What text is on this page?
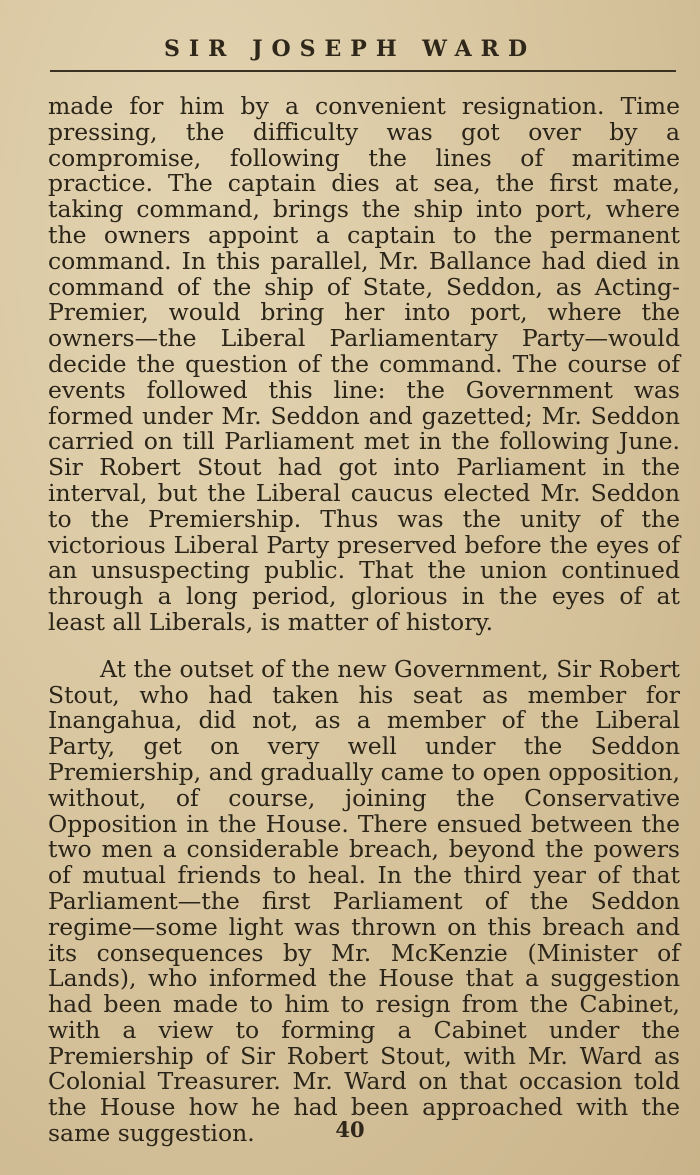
SIR JOSEPH WARD

made for him by a convenient resignation. Time pressing, the difficulty was got over by a compromise, following the lines of maritime practice. The captain dies at sea, the first mate, taking command, brings the ship into port, where the owners appoint a captain to the permanent command. In this parallel, Mr. Ballance had died in command of the ship of State, Seddon, as Acting-Premier, would bring her into port, where the owners—the Liberal Parliamentary Party—would decide the question of the command. The course of events followed this line: the Government was formed under Mr. Seddon and gazetted; Mr. Seddon carried on till Parliament met in the following June. Sir Robert Stout had got into Parliament in the interval, but the Liberal caucus elected Mr. Seddon to the Premiership. Thus was the unity of the victorious Liberal Party preserved before the eyes of an unsuspecting public. That the union continued through a long period, glorious in the eyes of at least all Liberals, is matter of history.

At the outset of the new Government, Sir Robert Stout, who had taken his seat as member for Inangahua, did not, as a member of the Liberal Party, get on very well under the Seddon Premiership, and gradually came to open opposition, without, of course, joining the Conservative Opposition in the House. There ensued between the two men a considerable breach, beyond the powers of mutual friends to heal. In the third year of that Parliament—the first Parliament of the Seddon regime—some light was thrown on this breach and its consequences by Mr. McKenzie (Minister of Lands), who informed the House that a suggestion had been made to him to resign from the Cabinet, with a view to forming a Cabinet under the Premiership of Sir Robert Stout, with Mr. Ward as Colonial Treasurer. Mr. Ward on that occasion told the House how he had been approached with the same suggestion.	40
